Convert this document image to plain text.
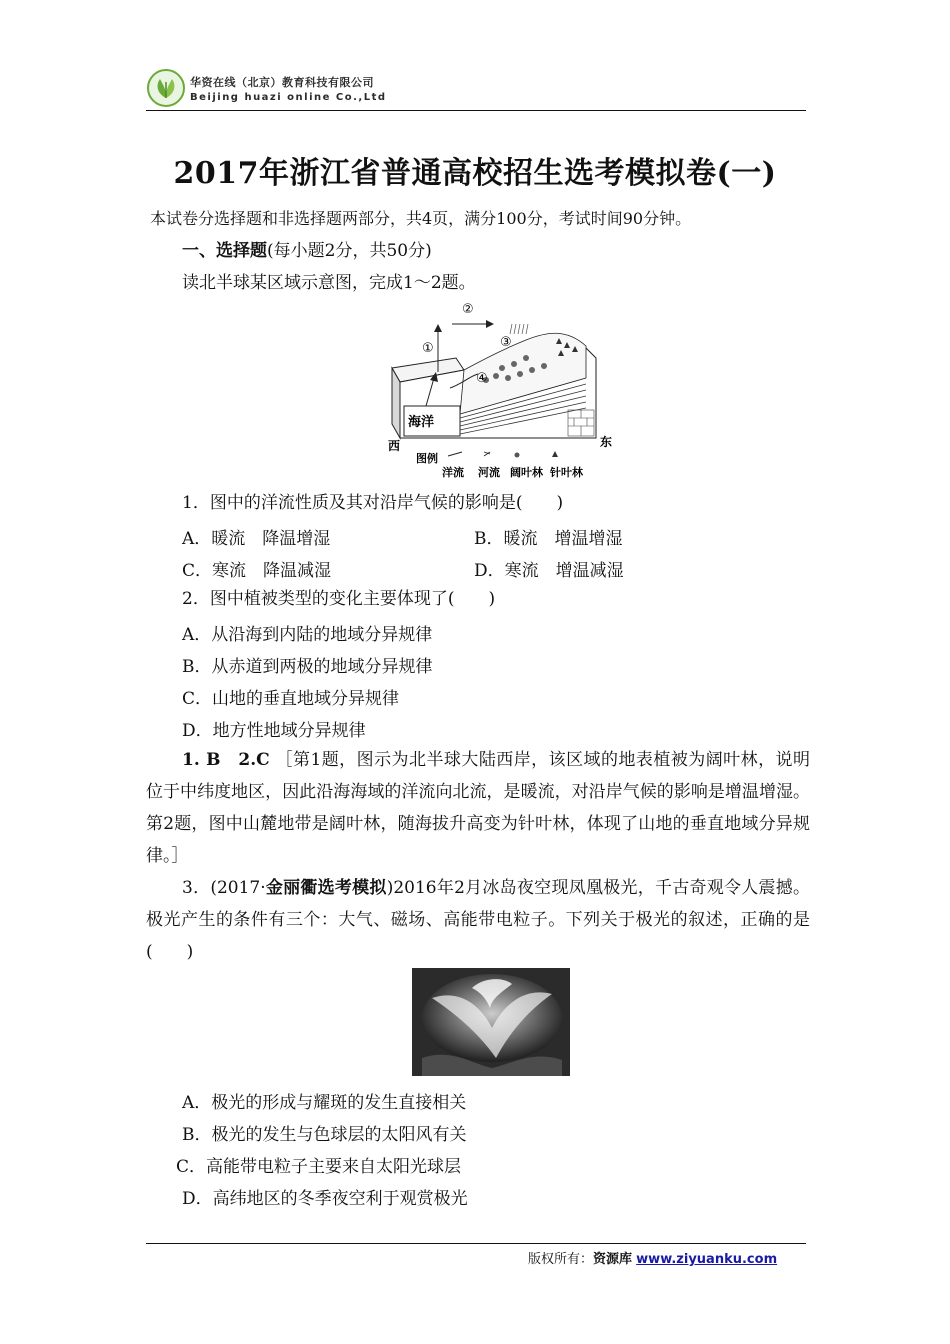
华资在线（北京）教育科技有限公司
Beijing huazi online Co.,Ltd
2017年浙江省普通高校招生选考模拟卷(一)
本试卷分选择题和非选择题两部分，共4页，满分100分，考试时间90分钟。
一、选择题(每小题2分，共50分)
读北半球某区域示意图，完成1～2题。
①	③
④
海洋
西	东
图例
洋流 河流 阔叶林 针叶林
②
1．图中的洋流性质及其对沿岸气候的影响是(　　)
A．暖流　降温增湿	B．暖流　增温增湿
C．寒流　降温减湿	D．寒流　增温减湿
2．图中植被类型的变化主要体现了(　　)
A．从沿海到内陆的地域分异规律
B．从赤道到两极的地域分异规律
C．山地的垂直地域分异规律
D．地方性地域分异规律
1. B　2.C ［第1题，图示为北半球大陆西岸，该区域的地表植被为阔叶林，说明位于中纬度地区，因此沿海海域的洋流向北流，是暖流，对沿岸气候的影响是增温增湿。第2题，图中山麓地带是阔叶林，随海拔升高变为针叶林，体现了山地的垂直地域分异规律。］
3．(2017·金丽衢选考模拟)2016年2月冰岛夜空现凤凰极光，千古奇观令人震撼。极光产生的条件有三个：大气、磁场、高能带电粒子。下列关于极光的叙述，正确的是(　　)
A．极光的形成与耀斑的发生直接相关
B．极光的发生与色球层的太阳风有关
C．高能带电粒子主要来自太阳光球层
D．高纬地区的冬季夜空利于观赏极光
版权所有：资源库 www.ziyuanku.com
